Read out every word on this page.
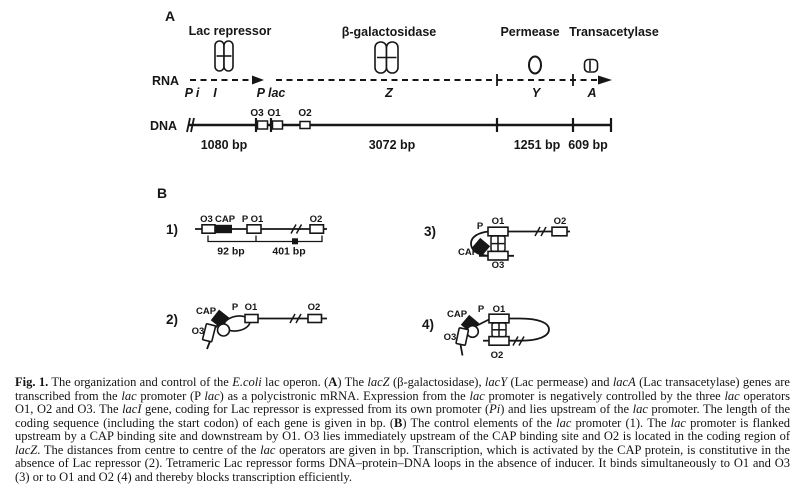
A
Lac repressor	β-galactosidase	Permease Transacetylase
RNA
P i I	P lac	Z	Y	A
DNA
O3 O1 O2
1080 bp	3072 bp	1251 bp 609 bp
B
1)
O3 CAP P O1	O2
92 bp	401 bp
2)
CAP P O1	O2
O3
3)	P O1	O2
CAP
O3
4)
CAP P O1
O3
O2

Fig. 1. The organization and control of the E.coli lac operon. (A) The lacZ (β-galactosidase), lacY (Lac permease) and lacA (Lac transacetylase) genes are transcribed from the lac promoter (P lac) as a polycistronic mRNA. Expression from the lac promoter is negatively controlled by the three lac operators O1, O2 and O3. The lacI gene, coding for Lac repressor is expressed from its own promoter (Pi) and lies upstream of the lac promoter. The length of the coding sequence (including the start codon) of each gene is given in bp. (B) The control elements of the lac promoter (1). The lac promoter is flanked upstream by a CAP binding site and downstream by O1. O3 lies immediately upstream of the CAP binding site and O2 is located in the coding region of lacZ. The distances from centre to centre of the lac operators are given in bp. Transcription, which is activated by the CAP protein, is constitutive in the absence of Lac repressor (2). Tetrameric Lac repressor forms DNA–protein–DNA loops in the absence of inducer. It binds simultaneously to O1 and O3 (3) or to O1 and O2 (4) and thereby blocks transcription efficiently.
